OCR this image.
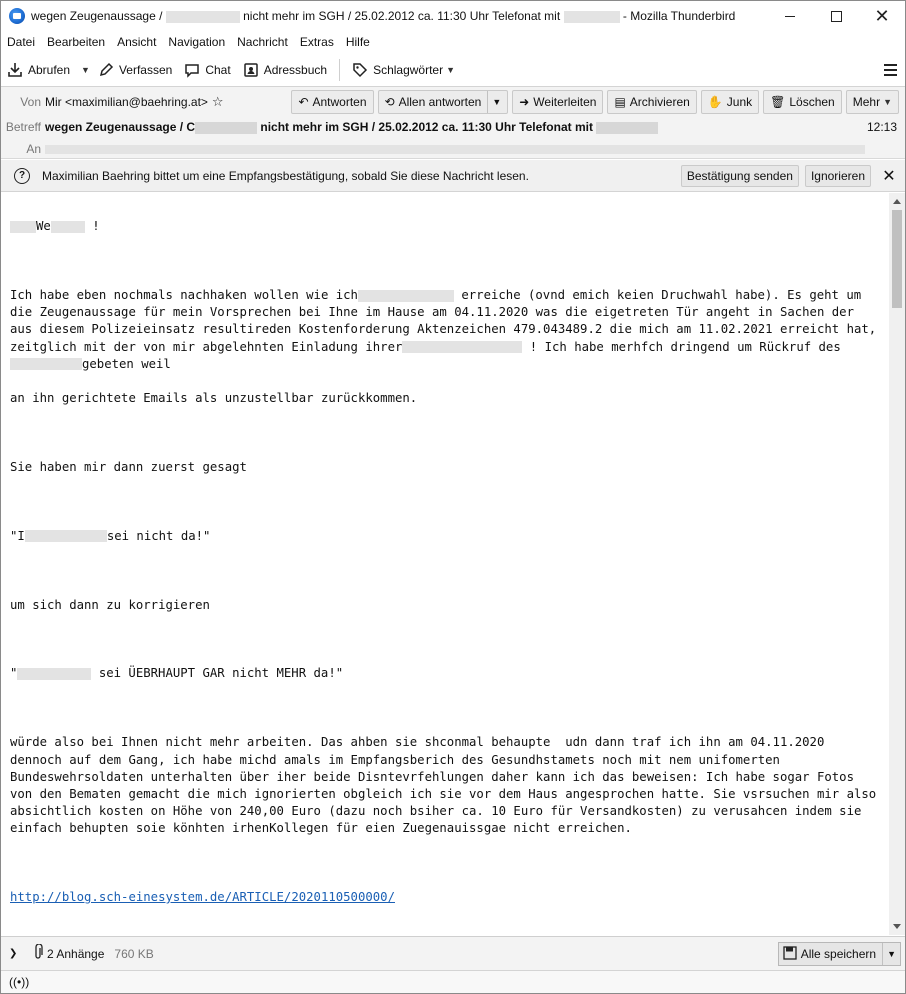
wegen Zeugenaussage /	nicht mehr im SGH / 25.02.2012 ca. 11:30 Uhr Telefonat mit	- Mozilla Thunderbird	✕
Datei	Bearbeiten	Ansicht	Navigation	Nachricht	Extras	Hilfe
Abrufen ▼ Verfassen	Chat	Adressbuch	Schlagwörter ▼
Von Mir <maximilian@baehring.at> ☆	↶ Antworten ⟲ Allen antworten	▼ ➜ Weiterleiten ▤ Archivieren ✋ Junk 🗑 Löschen Mehr ▼
Betreff wegen Zeugenaussage / C	nicht mehr im SGH / 25.02.2012 ca. 11:30 Uhr Telefonat mit	12:13
An
?	Maximilian Baehring bittet um eine Empfangsbestätigung, sobald Sie diese Nachricht lesen.	Bestätigung senden	Ignorieren	✕

We	!

Ich habe eben nochmals nachhaken wollen wie ich	erreiche (ovnd emich keien Druchwahl habe). Es geht um die Zeugenaussage für mein Vorsprechen bei Ihne im Hause am 04.11.2020 was die eigetreten Tür angeht in Sachen der aus diesem Polizeieinsatz resultireden Kostenforderung Aktenzeichen 479.043489.2 die mich am 11.02.2021 erreicht hat, zeitglich mit der von mir abgelehnten Einladung ihrer	! Ich habe merhfch dringend um Rückruf desgebeten weil

an ihn gerichtete Emails als unzustellbar zurückkommen.

Sie haben mir dann zuerst gesagt

"I	sei nicht da!"

um sich dann zu korrigieren

"	sei ÜEBRHAUPT GAR nicht MEHR da!"

würde also bei Ihnen nicht mehr arbeiten. Das ahben sie shconmal behaupte  udn dann traf ich ihn am 04.11.2020 dennoch auf dem Gang, ich habe michd amals im Empfangsberich des Gesundhstamets noch mit nem unifomerten Bundeswehrsoldaten unterhalten über iher beide Disntevrfehlungen daher kann ich das beweisen: Ich habe sogar Fotos von den Bematen gemacht die mich ignorierten obgleich ich sie vor dem Haus angesprochen hatte. Sie vsrsuchen mir also absichtlich kosten on Höhe von 240,00 Euro (dazu noch bsiher ca. 10 Euro für Versandkosten) zu verusahcen indem sie einfach behupten soie könhten irhenKollegen für eien Zuegenauissgae nicht erreichen.

http://blog.sch-einesystem.de/ARTICLE/2020110500000/

❯	2 Anhänge 760 KB	Alle speichern	▼
((•))
